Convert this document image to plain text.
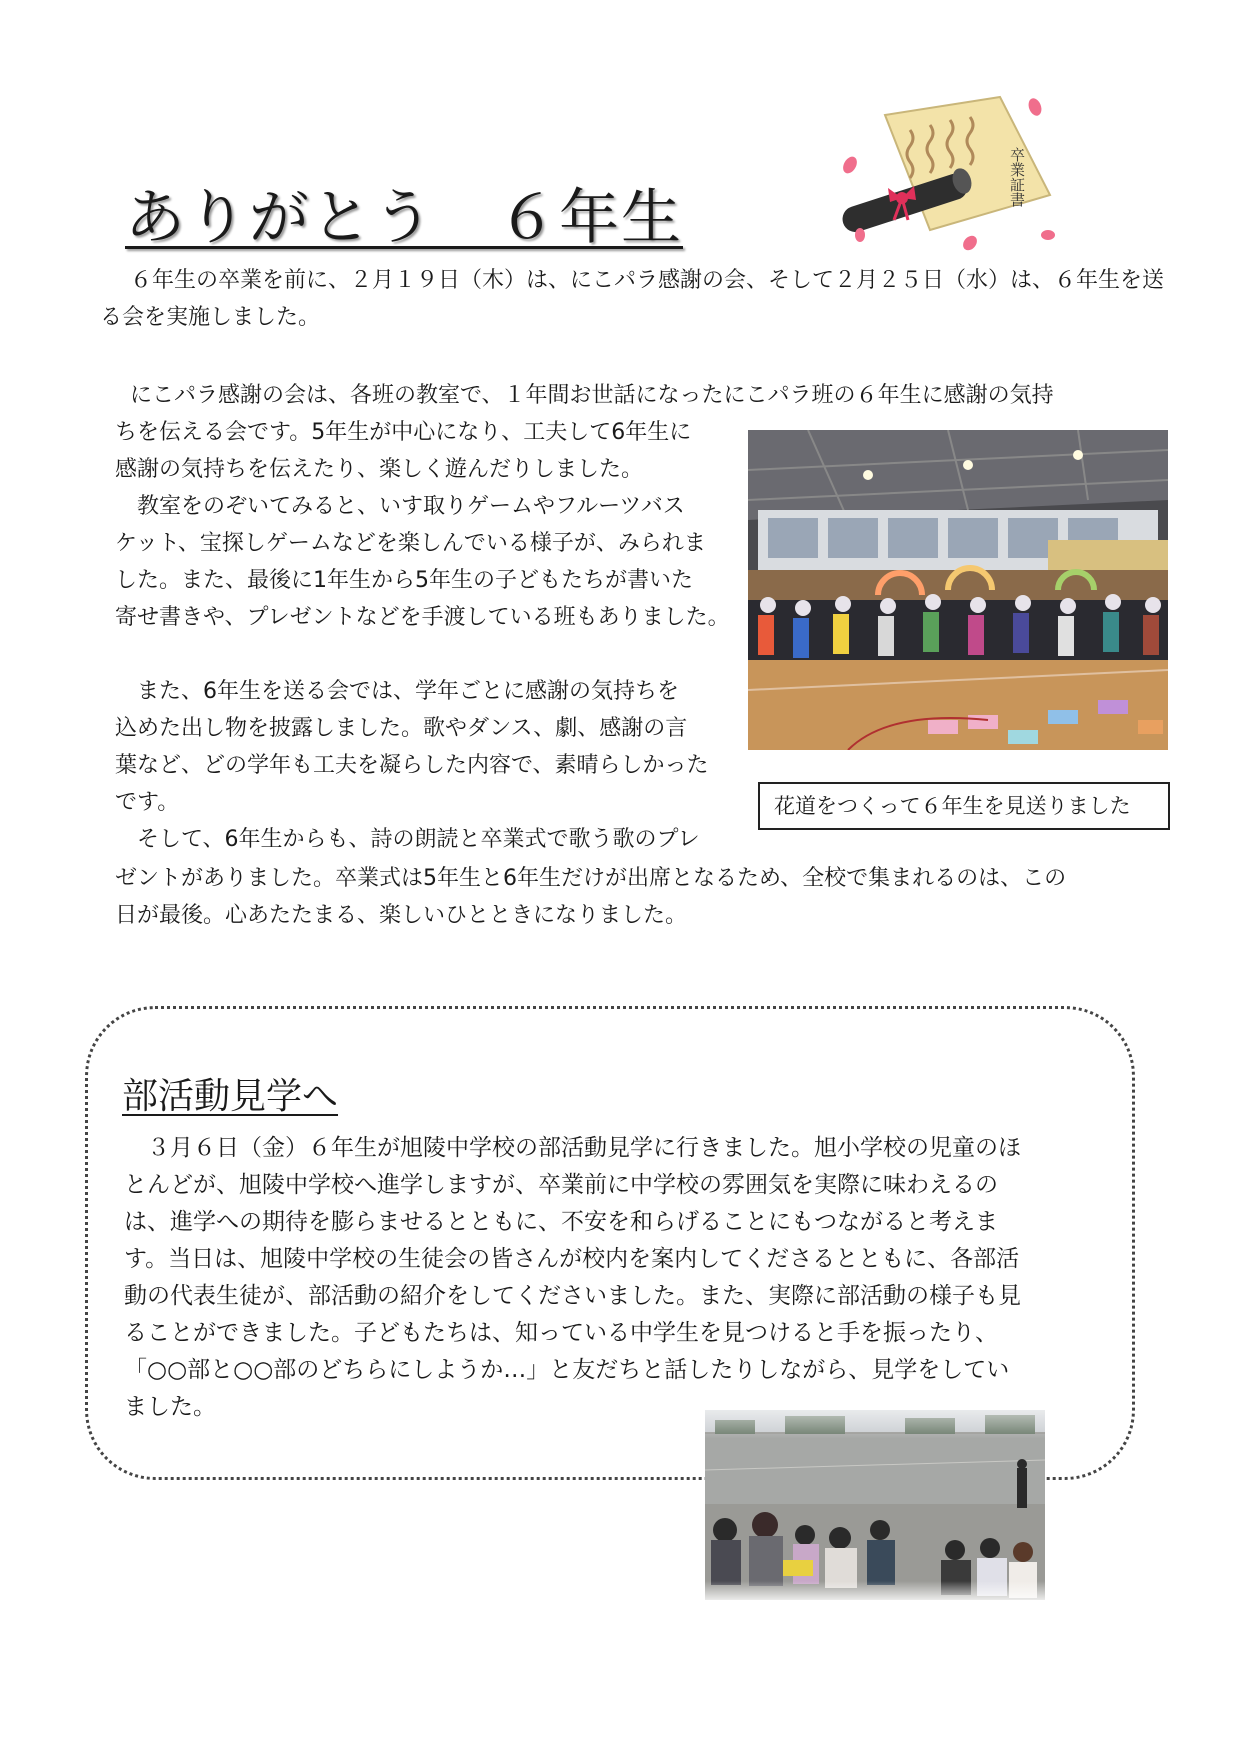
ありがとう　６年生
卒業証書

６年生の卒業を前に、２月１９日（木）は、にこパラ感謝の会、そして２月２５日（水）は、６年生を送
る会を実施しました。

にこパラ感謝の会は、各班の教室で、１年間お世話になったにこパラ班の６年生に感謝の気持

ちを伝える会です。5年生が中心になり、工夫して6年生に
感謝の気持ちを伝えたり、楽しく遊んだりしました。
　教室をのぞいてみると、いす取りゲームやフルーツバス
ケット、宝探しゲームなどを楽しんでいる様子が、みられま
した。また、最後に1年生から5年生の子どもたちが書いた
寄せ書きや、プレゼントなどを手渡している班もありました。

　また、6年生を送る会では、学年ごとに感謝の気持ちを
込めた出し物を披露しました。歌やダンス、劇、感謝の言
葉など、どの学年も工夫を凝らした内容で、素晴らしかった
です。
　そして、6年生からも、詩の朗読と卒業式で歌う歌のプレ
ゼントがありました。卒業式は5年生と6年生だけが出席となるため、全校で集まれるのは、この
日が最後。心あたたまる、楽しいひとときになりました。
花道をつくって６年生を見送りました
部活動見学へ
　３月６日（金）６年生が旭陵中学校の部活動見学に行きました。旭小学校の児童のほ
とんどが、旭陵中学校へ進学しますが、卒業前に中学校の雰囲気を実際に味わえるの
は、進学への期待を膨らませるとともに、不安を和らげることにもつながると考えま
す。当日は、旭陵中学校の生徒会の皆さんが校内を案内してくださるとともに、各部活
動の代表生徒が、部活動の紹介をしてくださいました。また、実際に部活動の様子も見
ることができました。子どもたちは、知っている中学生を見つけると手を振ったり、
「○○部と○○部のどちらにしようか…」と友だちと話したりしながら、見学をしてい
ました。
